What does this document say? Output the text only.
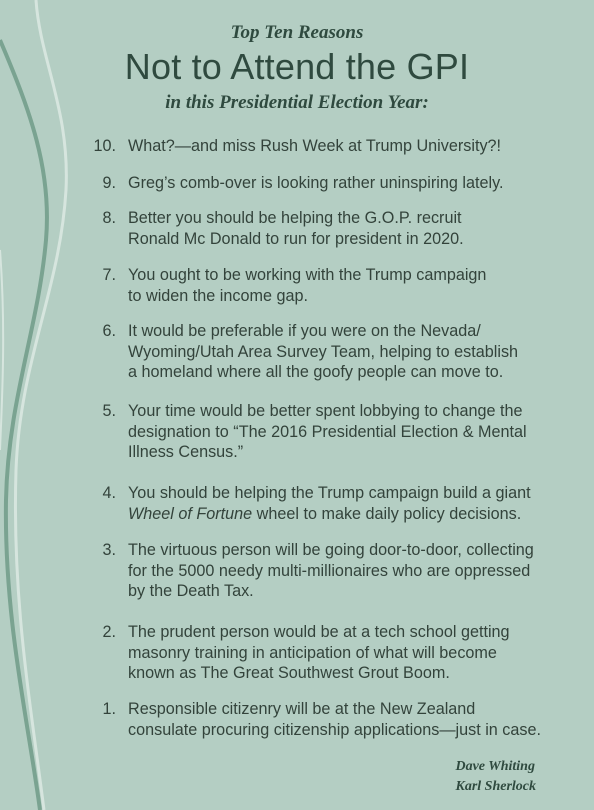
Top Ten Reasons
Not to Attend the GPI
in this Presidential Election Year:
10. What?—and miss Rush Week at Trump University?!
9. Greg’s comb-over is looking rather uninspiring lately.
8. Better you should be helping the G.O.P. recruit
Ronald Mc Donald to run for president in 2020.
7. You ought to be working with the Trump campaign
to widen the income gap.
6. It would be preferable if you were on the Nevada/
Wyoming/Utah Area Survey Team, helping to establish
a homeland where all the goofy people can move to.
5. Your time would be better spent lobbying to change the
designation to “The 2016 Presidential Election & Mental
Illness Census.”
4. You should be helping the Trump campaign build a giant
Wheel of Fortune wheel to make daily policy decisions.
3. The virtuous person will be going door-to-door, collecting
for the 5000 needy multi-millionaires who are oppressed
by the Death Tax.
2. The prudent person would be at a tech school getting
masonry training in anticipation of what will become
known as The Great Southwest Grout Boom.
1. Responsible citizenry will be at the New Zealand
consulate procuring citizenship applications—just in case.
Dave Whiting
Karl Sherlock
